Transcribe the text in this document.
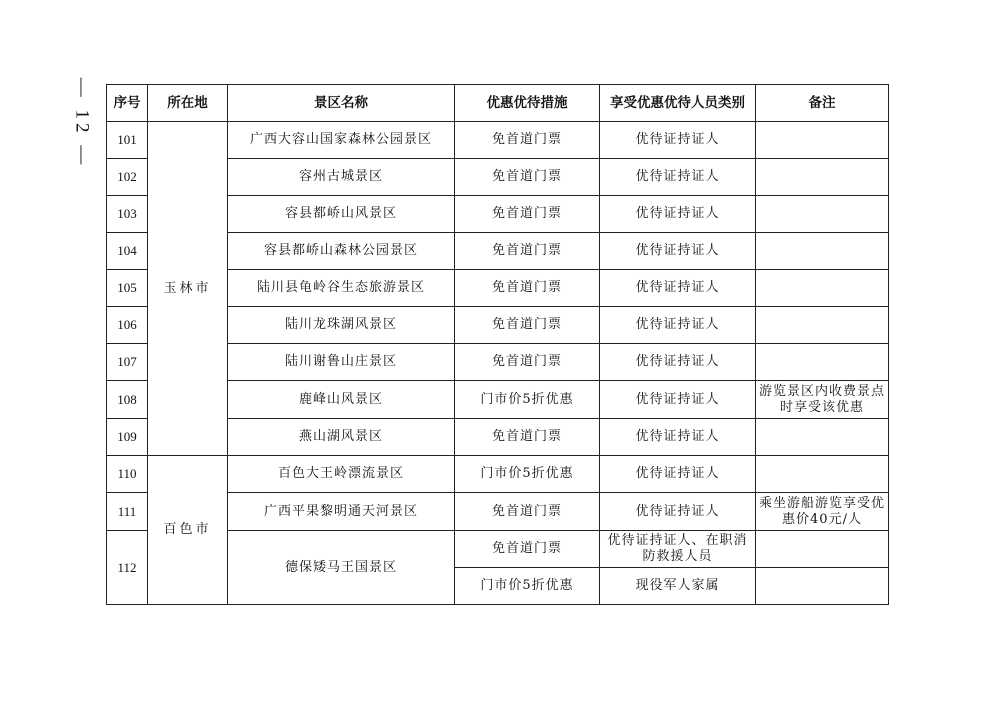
— 12 — 序号	所在地	景区名称	优惠优待措施	享受优惠优待人员类别	备注
101	玉林市	广西大容山国家森林公园景区	免首道门票	优待证持证人	
102		容州古城景区	免首道门票	优待证持证人	
103		容县都峤山风景区	免首道门票	优待证持证人	
104		容县都峤山森林公园景区	免首道门票	优待证持证人	
105		陆川县龟岭谷生态旅游景区	免首道门票	优待证持证人	
106		陆川龙珠湖风景区	免首道门票	优待证持证人	
107		陆川谢鲁山庄景区	免首道门票	优待证持证人	
108		鹿峰山风景区	门市价5折优惠	优待证持证人	游览景区内收费景点时享受该优惠
109		燕山湖风景区	免首道门票	优待证持证人	
110	百色市	百色大王岭漂流景区	门市价5折优惠	优待证持证人	
111		广西平果黎明通天河景区	免首道门票	优待证持证人	乘坐游船游览享受优惠价40元/人
112		德保矮马王国景区	免首道门票	优待证持证人、在职消防救援人员	
			门市价5折优惠	现役军人家属	
